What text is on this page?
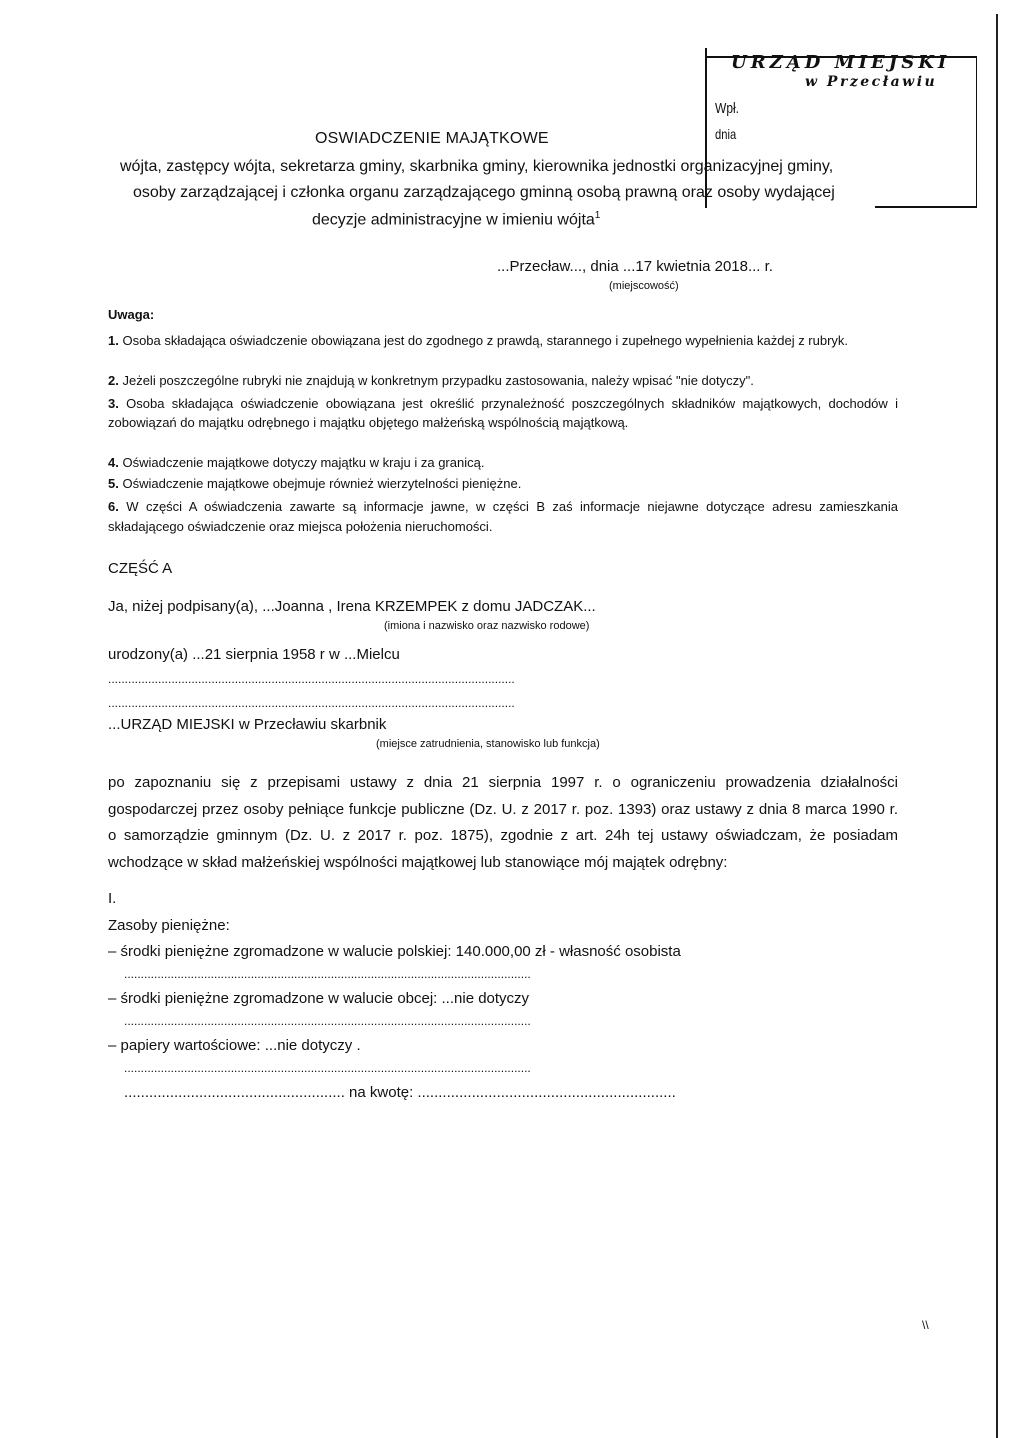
URZĄD MIEJSKI
w Przecławiu
Wpł.
dnia
OSWIADCZENIE MAJĄTKOWE
wójta, zastępcy wójta, sekretarza gminy, skarbnika gminy, kierownika jednostki organizacyjnej gminy,
osoby zarządzającej i członka organu zarządzającego gminną osobą prawną oraz osoby wydającej
decyzje administracyjne w imieniu wójta$^1$
...Przecław..., dnia ...17 kwietnia 2018... r.
(miejscowość)
Uwaga:
1. Osoba składająca oświadczenie obowiązana jest do zgodnego z prawdą, starannego i zupełnego wypełnienia każdej z rubryk.
2. Jeżeli poszczególne rubryki nie znajdują w konkretnym przypadku zastosowania, należy wpisać "nie dotyczy".
3. Osoba składająca oświadczenie obowiązana jest określić przynależność poszczególnych składników majątkowych, dochodów i zobowiązań do majątku odrębnego i majątku objętego małżeńską wspólnością majątkową.
4. Oświadczenie majątkowe dotyczy majątku w kraju i za granicą.
5. Oświadczenie majątkowe obejmuje również wierzytelności pieniężne.
6. W części A oświadczenia zawarte są informacje jawne, w części B zaś informacje niejawne dotyczące adresu zamieszkania składającego oświadczenie oraz miejsca położenia nieruchomości.
CZĘŚĆ A
Ja, niżej podpisany(a), ...Joanna , Irena KRZEMPEK z domu JADCZAK...
(imiona i nazwisko oraz nazwisko rodowe)
urodzony(a) ...21 sierpnia 1958 r w ...Mielcu
..........................................................................................................................
..........................................................................................................................
...URZĄD MIEJSKI w Przecławiu skarbnik
(miejsce zatrudnienia, stanowisko lub funkcja)
po zapoznaniu się z przepisami ustawy z dnia 21 sierpnia 1997 r. o ograniczeniu prowadzenia działalności gospodarczej przez osoby pełniące funkcje publiczne (Dz. U. z 2017 r. poz. 1393) oraz ustawy z dnia 8 marca 1990 r. o samorządzie gminnym (Dz. U. z 2017 r. poz. 1875), zgodnie z art. 24h tej ustawy oświadczam, że posiadam wchodzące w skład małżeńskiej wspólności majątkowej lub stanowiące mój majątek odrębny:
I.
Zasoby pieniężne:
– środki pieniężne zgromadzone w walucie polskiej: 140.000,00 zł - własność osobista
..........................................................................................................................
– środki pieniężne zgromadzone w walucie obcej: ...nie dotyczy
..........................................................................................................................
– papiery wartościowe: ...nie dotyczy .
..........................................................................................................................
..................................................... na kwotę: ..............................................................
\\
